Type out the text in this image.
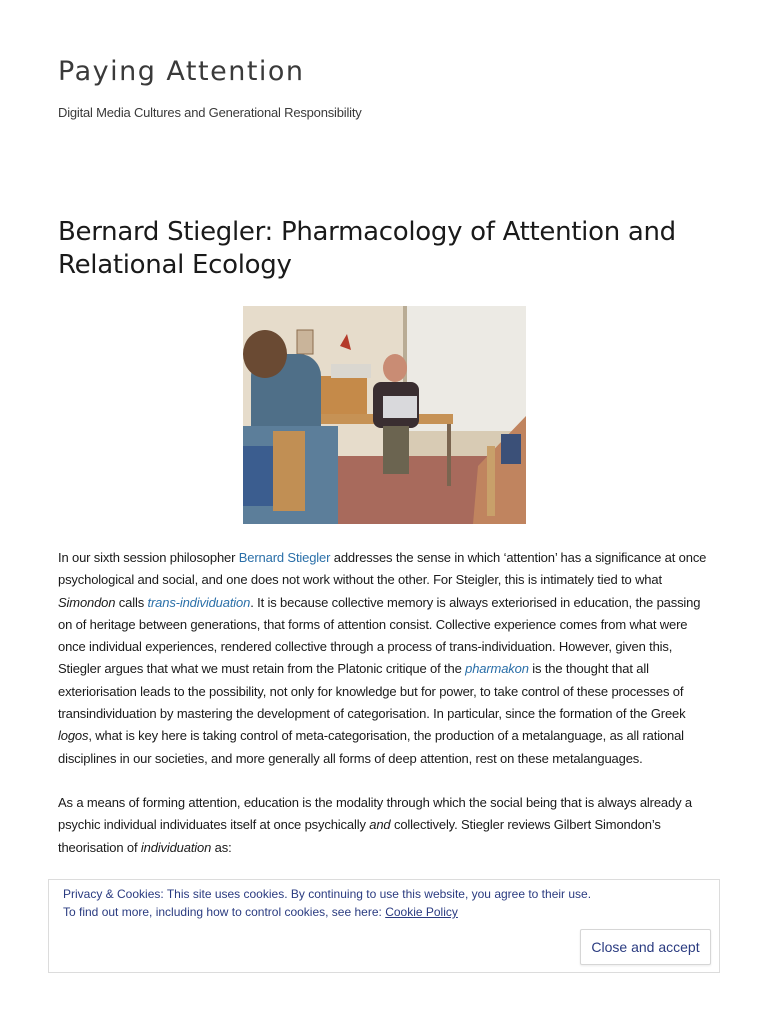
Paying Attention

Digital Media Cultures and Generational Responsibility

Bernard Stiegler: Pharmacology of Attention and Relational Ecology

In our sixth session philosopher Bernard Stiegler addresses the sense in which ‘attention’ has a significance at once psychological and social, and one does not work without the other. For Steigler, this is intimately tied to what Simondon calls trans-individuation. It is because collective memory is always exteriorised in education, the passing on of heritage between generations, that forms of attention consist. Collective experience comes from what were once individual experiences, rendered collective through a process of trans-individuation. However, given this, Stiegler argues that what we must retain from the Platonic critique of the pharmakon is the thought that all exteriorisation leads to the possibility, not only for knowledge but for power, to take control of these processes of transindividuation by mastering the development of categorisation. In particular, since the formation of the Greek logos, what is key here is taking control of meta-categorisation, the production of a metalanguage, as all rational disciplines in our societies, and more generally all forms of deep attention, rest on these metalanguages.

As a means of forming attention, education is the modality through which the social being that is always already a psychic individual individuates itself at once psychically and collectively. Stiegler reviews Gilbert Simondon’s theorisation of individuation as:

Privacy & Cookies: This site uses cookies. By continuing to use this website, you agree to their use.

To find out more, including how to control cookies, see here: Cookie Policy

Close and accept
